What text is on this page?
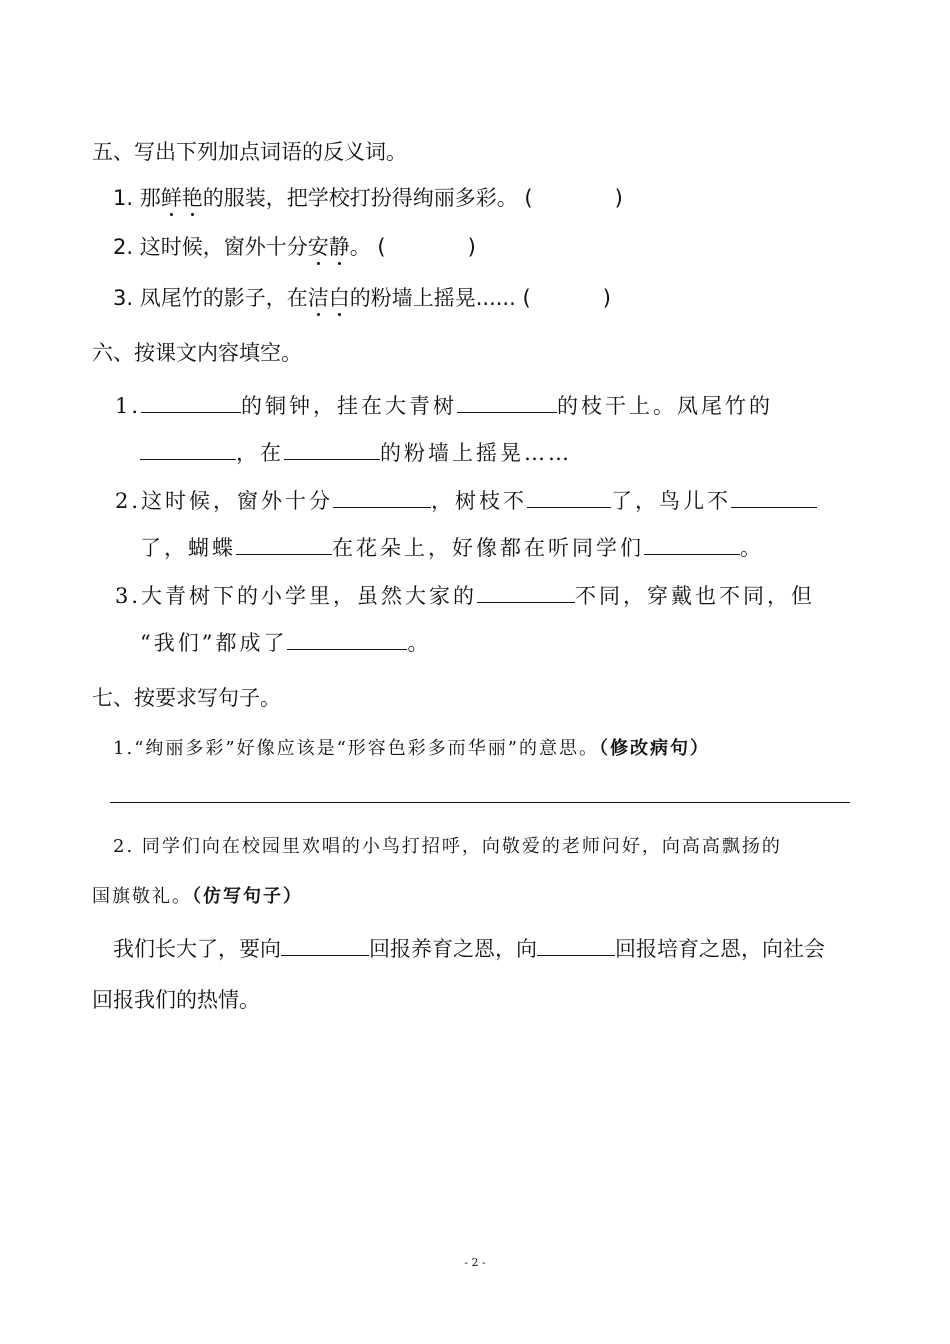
五、写出下列加点词语的反义词。
1. 那鲜艳的服装，把学校打扮得绚丽多彩。 (	)
2. 这时候，窗外十分安静。 (	)
3. 凤尾竹的影子，在洁白的粉墙上摇晃...... (	)
六、按课文内容填空。
1.	的铜钟，挂在大青树	的枝干上。凤尾竹的
，在	的粉墙上摇晃……
2.这时候，窗外十分	，树枝不	了，鸟儿不
了，蝴蝶	在花朵上，好像都在听同学们	。
3.大青树下的小学里，虽然大家的	不同，穿戴也不同，但
“我们”都成了	。
七、按要求写句子。
1.“绚丽多彩”好像应该是“形容色彩多而华丽”的意思。（修改病句）
2. 同学们向在校园里欢唱的小鸟打招呼，向敬爱的老师问好，向高高飘扬的
国旗敬礼。（仿写句子）
我们长大了，要向	回报养育之恩，向	回报培育之恩，向社会
回报我们的热情。
- 2 -
